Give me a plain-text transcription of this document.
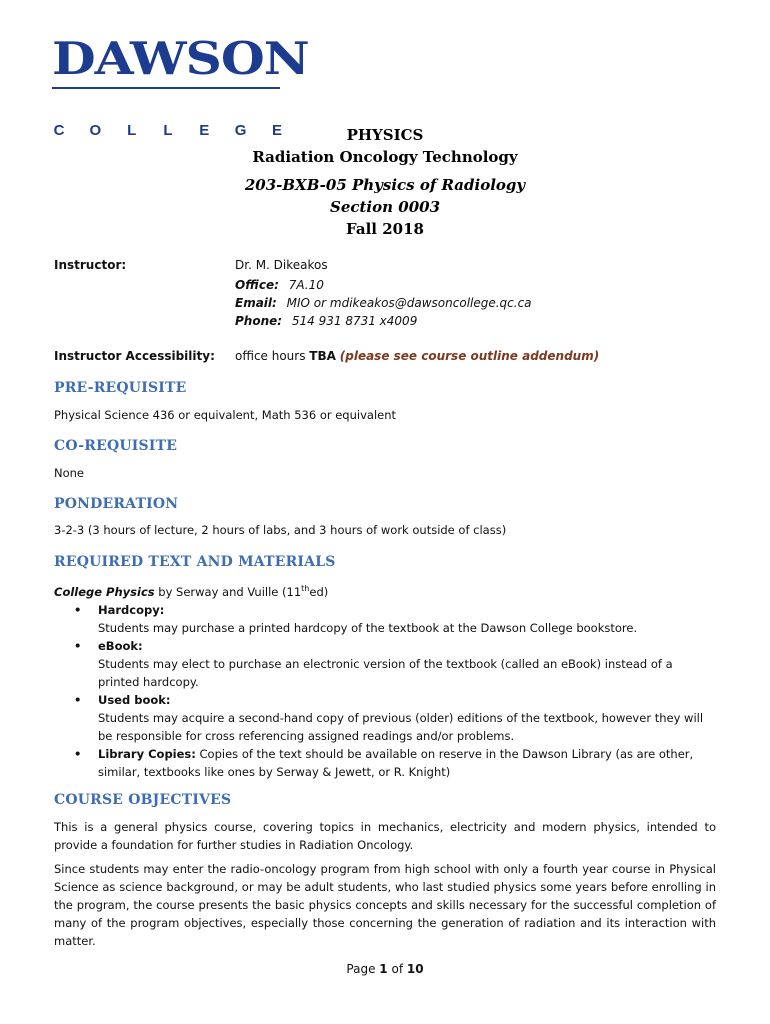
DAWSON
C O L L E G E	PHYSICS
Radiation Oncology Technology
203-BXB-05 Physics of Radiology
Section 0003
Fall 2018
Instructor:	Dr. M. Dikeakos
Office: 7A.10
Email: MIO or mdikeakos@dawsoncollege.qc.ca
Phone: 514 931 8731 x4009
Instructor Accessibility: office hours TBA (please see course outline addendum)
PRE-REQUISITE
Physical Science 436 or equivalent, Math 536 or equivalent
CO-REQUISITE
None
PONDERATION
3-2-3 (3 hours of lecture, 2 hours of labs, and 3 hours of work outside of class)
REQUIRED TEXT AND MATERIALS
College Physics by Serway and Vuille (11thed)
• Hardcopy:
Students may purchase a printed hardcopy of the textbook at the Dawson College bookstore.
• eBook:
Students may elect to purchase an electronic version of the textbook (called an eBook) instead of a printed hardcopy.
• Used book:
Students may acquire a second-hand copy of previous (older) editions of the textbook, however they will be responsible for cross referencing assigned readings and/or problems.
• Library Copies: Copies of the text should be available on reserve in the Dawson Library (as are other, similar, textbooks like ones by Serway & Jewett, or R. Knight)
COURSE OBJECTIVES
This is a general physics course, covering topics in mechanics, electricity and modern physics, intended to provide a foundation for further studies in Radiation Oncology.
Since students may enter the radio-oncology program from high school with only a fourth year course in Physical Science as science background, or may be adult students, who last studied physics some years before enrolling in the program, the course presents the basic physics concepts and skills necessary for the successful completion of many of the program objectives, especially those concerning the generation of radiation and its interaction with matter.
Page 1 of 10
